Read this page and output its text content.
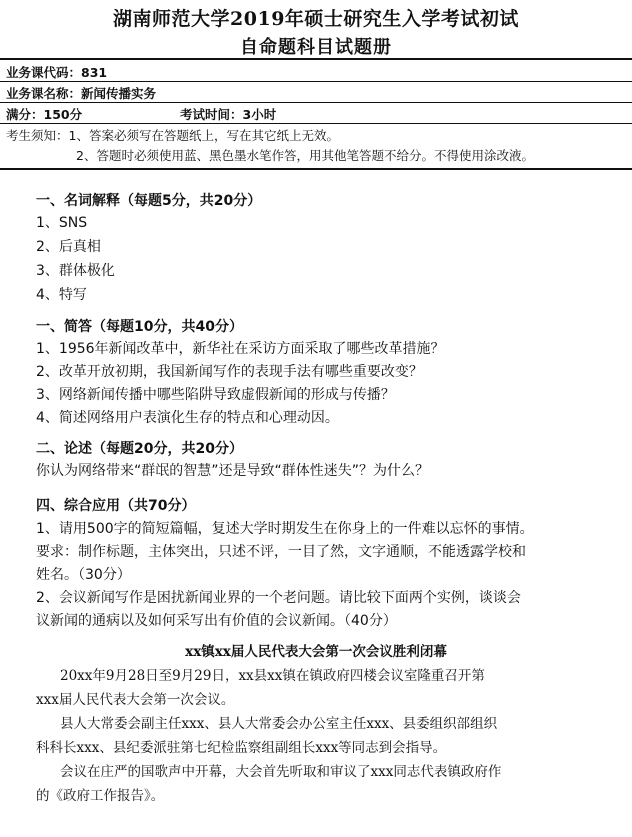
湖南师范大学2019年硕士研究生入学考试初试
自命题科目试题册
业务课代码：831
业务课名称：新闻传播实务
满分：150分	考试时间：3小时
考生须知：1、答案必须写在答题纸上，写在其它纸上无效。
2、答题时必须使用蓝、黑色墨水笔作答，用其他笔答题不给分。不得使用涂改液。
一、名词解释（每题5分，共20分）
1、SNS
2、后真相
3、群体极化
4、特写
一、简答（每题10分，共40分）
1、1956年新闻改革中，新华社在采访方面采取了哪些改革措施？
2、改革开放初期，我国新闻写作的表现手法有哪些重要改变？
3、网络新闻传播中哪些陷阱导致虚假新闻的形成与传播？
4、简述网络用户表演化生存的特点和心理动因。
二、论述（每题20分，共20分）
你认为网络带来“群氓的智慧”还是导致“群体性迷失”？为什么？
四、综合应用（共70分）
1、请用500字的简短篇幅，复述大学时期发生在你身上的一件难以忘怀的事情。
要求：制作标题，主体突出，只述不评，一目了然，文字通顺，不能透露学校和
姓名。（30分）
2、会议新闻写作是困扰新闻业界的一个老问题。请比较下面两个实例，谈谈会
议新闻的通病以及如何采写出有价值的会议新闻。（40分）
xx镇xx届人民代表大会第一次会议胜利闭幕
20xx年9月28日至9月29日，xx县xx镇在镇政府四楼会议室隆重召开第
xxx届人民代表大会第一次会议。
县人大常委会副主任xxx、县人大常委会办公室主任xxx、县委组织部组织
科科长xxx、县纪委派驻第七纪检监察组副组长xxx等同志到会指导。
会议在庄严的国歌声中开幕，大会首先听取和审议了xxx同志代表镇政府作
的《政府工作报告》。
